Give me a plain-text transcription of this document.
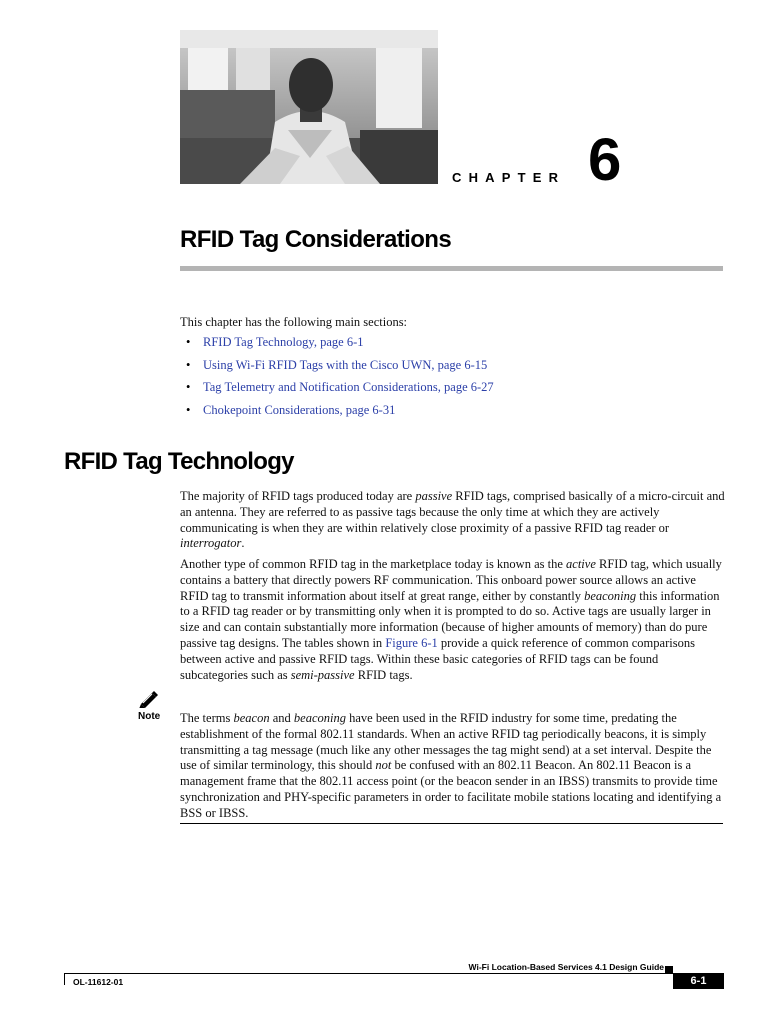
CHAPTER 6
RFID Tag Considerations

This chapter has the following main sections:

•	RFID Tag Technology, page 6-1
•	Using Wi-Fi RFID Tags with the Cisco UWN, page 6-15
•	Tag Telemetry and Notification Considerations, page 6-27
•	Chokepoint Considerations, page 6-31
RFID Tag Technology

The majority of RFID tags produced today are passive RFID tags, comprised basically of a micro-circuit and an antenna. They are referred to as passive tags because the only time at which they are actively communicating is when they are within relatively close proximity of a passive RFID tag reader or interrogator.

Another type of common RFID tag in the marketplace today is known as the active RFID tag, which usually contains a battery that directly powers RF communication. This onboard power source allows an active RFID tag to transmit information about itself at great range, either by constantly beaconing this information to a RFID tag reader or by transmitting only when it is prompted to do so. Active tags are usually larger in size and can contain substantially more information (because of higher amounts of memory) than do pure passive tag designs. The tables shown in Figure 6-1 provide a quick reference of common comparisons between active and passive RFID tags. Within these basic categories of RFID tags can be found subcategories such as semi-passive RFID tags.

Note The terms beacon and beaconing have been used in the RFID industry for some time, predating the establishment of the formal 802.11 standards. When an active RFID tag periodically beacons, it is simply transmitting a tag message (much like any other messages the tag might send) at a set interval. Despite the use of similar terminology, this should not be confused with an 802.11 Beacon. An 802.11 Beacon is a management frame that the 802.11 access point (or the beacon sender in an IBSS) transmits to provide time synchronization and PHY-specific parameters in order to facilitate mobile stations locating and identifying a BSS or IBSS.

Wi-Fi Location-Based Services 4.1 Design Guide
OL-11612-01	6-1
